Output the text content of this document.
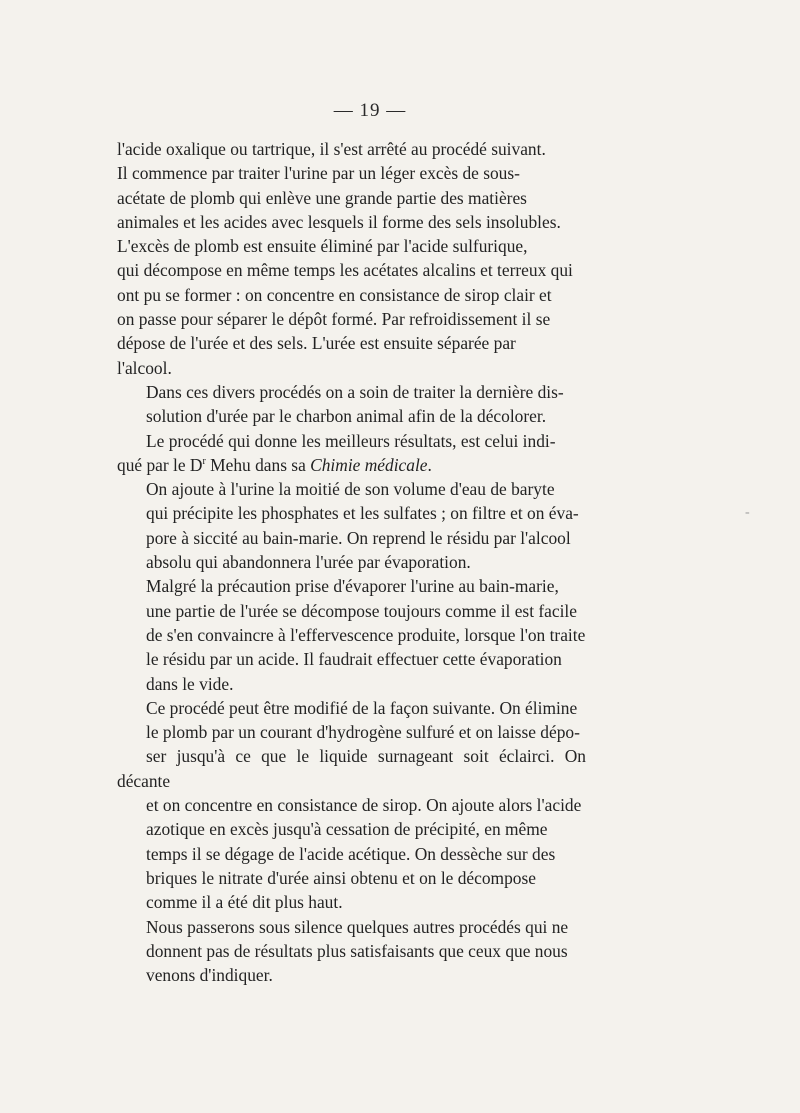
— 19 —

l'acide oxalique ou tartrique, il s'est arrêté au procédé suivant.
Il commence par traiter l'urine par un léger excès de sous-
acétate de plomb qui enlève une grande partie des matières
animales et les acides avec lesquels il forme des sels insolubles.
L'excès de plomb est ensuite éliminé par l'acide sulfurique,
qui décompose en même temps les acétates alcalins et terreux qui
ont pu se former : on concentre en consistance de sirop clair et
on passe pour séparer le dépôt formé. Par refroidissement il se
dépose de l'urée et des sels. L'urée est ensuite séparée par
l'alcool.

Dans ces divers procédés on a soin de traiter la dernière dis-
solution d'urée par le charbon animal afin de la décolorer.

Le procédé qui donne les meilleurs résultats, est celui indi-
qué par le $D^r$ Mehu dans sa Chimie médicale.

On ajoute à l'urine la moitié de son volume d'eau de baryte
qui précipite les phosphates et les sulfates ; on filtre et on éva-
pore à siccité au bain-marie. On reprend le résidu par l'alcool
absolu qui abandonnera l'urée par évaporation.

Malgré la précaution prise d'évaporer l'urine au bain-marie,
une partie de l'urée se décompose toujours comme il est facile
de s'en convaincre à l'effervescence produite, lorsque l'on traite
le résidu par un acide. Il faudrait effectuer cette évaporation
dans le vide.

Ce procédé peut être modifié de la façon suivante. On élimine
le plomb par un courant d'hydrogène sulfuré et on laisse dépo-
ser jusqu'à ce que le liquide surnageant soit éclairci. On décante
et on concentre en consistance de sirop. On ajoute alors l'acide
azotique en excès jusqu'à cessation de précipité, en même
temps il se dégage de l'acide acétique. On dessèche sur des
briques le nitrate d'urée ainsi obtenu et on le décompose
comme il a été dit plus haut.

Nous passerons sous silence quelques autres procédés qui ne
donnent pas de résultats plus satisfaisants que ceux que nous
venons d'indiquer.

-
